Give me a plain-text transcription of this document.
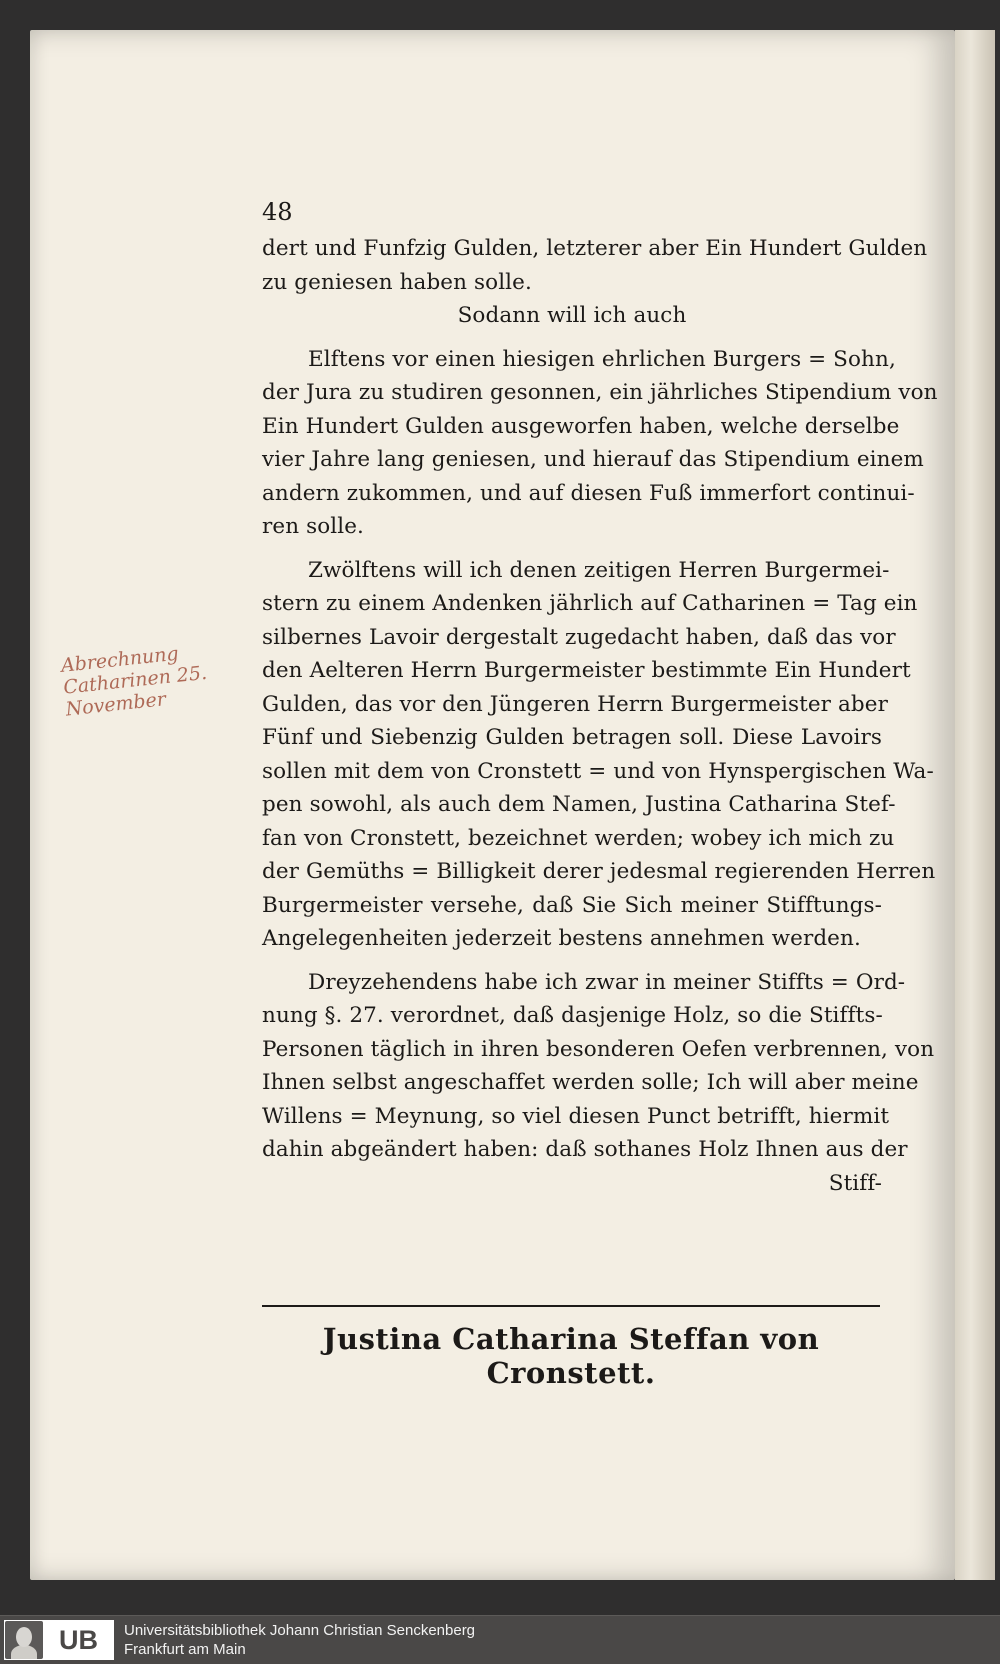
Abrechnung Catharinen 25. November
48
dert und Funfzig Gulden, letzterer aber Ein Hundert Gulden
zu geniesen haben solle.
Sodann will ich auch
Elftens vor einen hiesigen ehrlichen Burgers = Sohn,
der Jura zu studiren gesonnen, ein jährliches Stipendium von
Ein Hundert Gulden ausgeworfen haben, welche derselbe
vier Jahre lang geniesen, und hierauf das Stipendium einem
andern zukommen, und auf diesen Fuß immerfort continui-
ren solle.
Zwölftens will ich denen zeitigen Herren Burgermei-
stern zu einem Andenken jährlich auf Catharinen = Tag ein
silbernes Lavoir dergestalt zugedacht haben, daß das vor
den Aelteren Herrn Burgermeister bestimmte Ein Hundert
Gulden, das vor den Jüngeren Herrn Burgermeister aber
Fünf und Siebenzig Gulden betragen soll. Diese Lavoirs
sollen mit dem von Cronstett = und von Hynspergischen Wa-
pen sowohl, als auch dem Namen, Justina Catharina Stef-
fan von Cronstett, bezeichnet werden; wobey ich mich zu
der Gemüths = Billigkeit derer jedesmal regierenden Herren
Burgermeister versehe, daß Sie Sich meiner Stifftungs-
Angelegenheiten jederzeit bestens annehmen werden.
Dreyzehendens habe ich zwar in meiner Stiffts = Ord-
nung §. 27. verordnet, daß dasjenige Holz, so die Stiffts-
Personen täglich in ihren besonderen Oefen verbrennen, von
Ihnen selbst angeschaffet werden solle; Ich will aber meine
Willens = Meynung, so viel diesen Punct betrifft, hiermit
dahin abgeändert haben: daß sothanes Holz Ihnen aus der
Stiff-
Justina Catharina Steffan von Cronstett.
UB	Universitätsbibliothek Johann Christian Senckenberg
Frankfurt am Main
